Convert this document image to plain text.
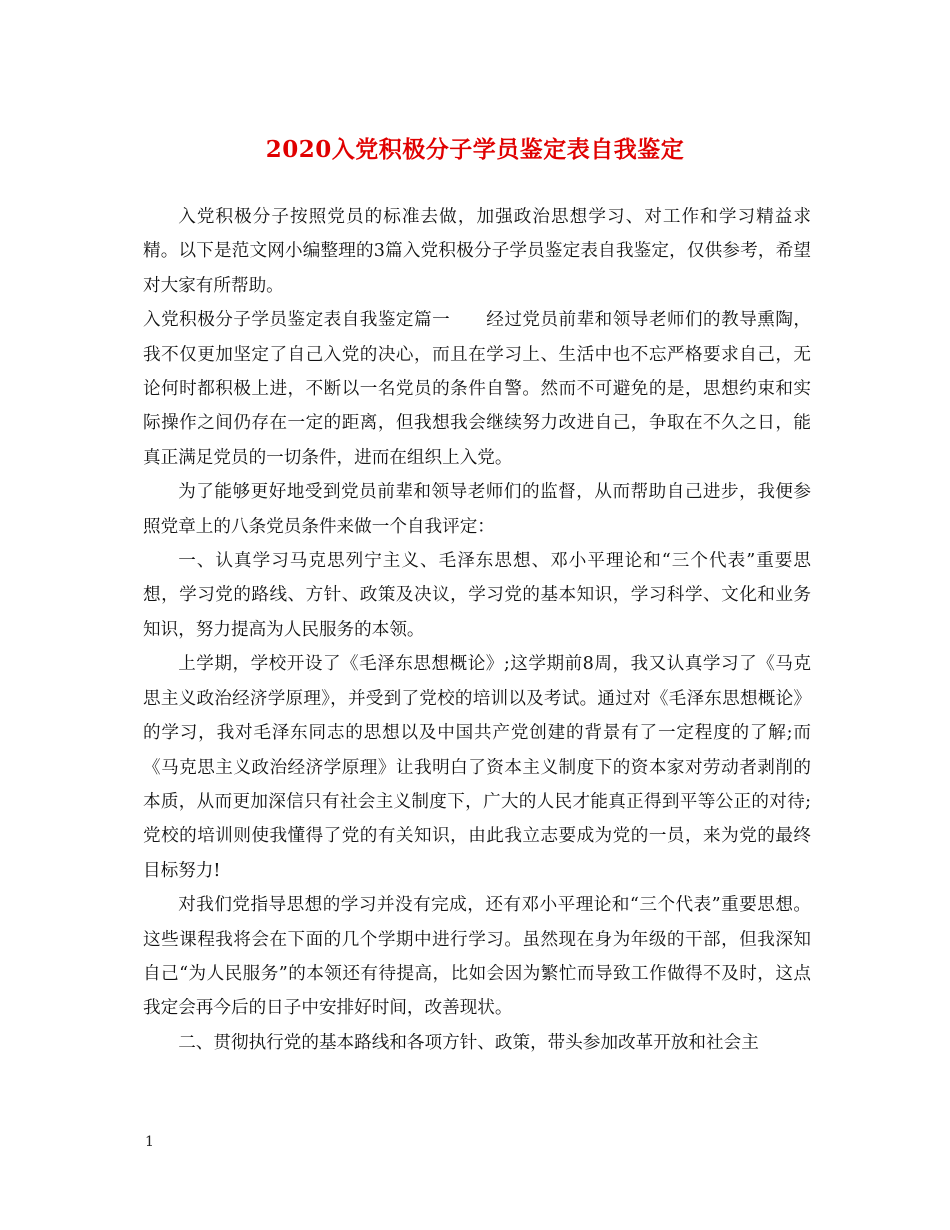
2020入党积极分子学员鉴定表自我鉴定

入党积极分子按照党员的标准去做，加强政治思想学习、对工作和学习精益求精。以下是范文网小编整理的3篇入党积极分子学员鉴定表自我鉴定，仅供参考，希望对大家有所帮助。

入党积极分子学员鉴定表自我鉴定篇一　　经过党员前辈和领导老师们的教导熏陶，我不仅更加坚定了自己入党的决心，而且在学习上、生活中也不忘严格要求自己，无论何时都积极上进，不断以一名党员的条件自警。然而不可避免的是，思想约束和实际操作之间仍存在一定的距离，但我想我会继续努力改进自己，争取在不久之日，能真正满足党员的一切条件，进而在组织上入党。

为了能够更好地受到党员前辈和领导老师们的监督，从而帮助自己进步，我便参照党章上的八条党员条件来做一个自我评定：

一、认真学习马克思列宁主义、毛泽东思想、邓小平理论和“三个代表”重要思想，学习党的路线、方针、政策及决议，学习党的基本知识，学习科学、文化和业务知识，努力提高为人民服务的本领。

上学期，学校开设了《毛泽东思想概论》;这学期前8周，我又认真学习了《马克思主义政治经济学原理》，并受到了党校的培训以及考试。通过对《毛泽东思想概论》的学习，我对毛泽东同志的思想以及中国共产党创建的背景有了一定程度的了解;而《马克思主义政治经济学原理》让我明白了资本主义制度下的资本家对劳动者剥削的本质，从而更加深信只有社会主义制度下，广大的人民才能真正得到平等公正的对待;党校的培训则使我懂得了党的有关知识，由此我立志要成为党的一员，来为党的最终目标努力!

对我们党指导思想的学习并没有完成，还有邓小平理论和“三个代表”重要思想。这些课程我将会在下面的几个学期中进行学习。虽然现在身为年级的干部，但我深知自己“为人民服务”的本领还有待提高，比如会因为繁忙而导致工作做得不及时，这点我定会再今后的日子中安排好时间，改善现状。

二、贯彻执行党的基本路线和各项方针、政策，带头参加改革开放和社会主

1
